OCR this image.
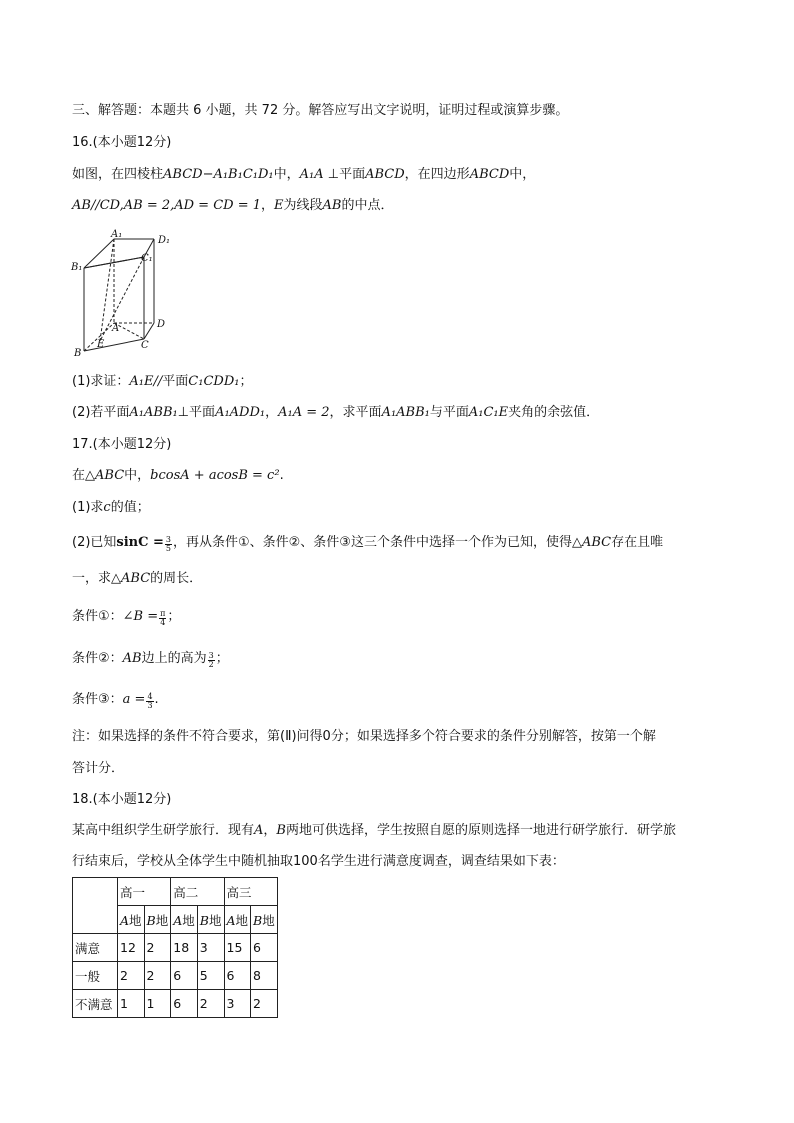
三、解答题：本题共 6 小题，共 72 分。解答应写出文字说明，证明过程或演算步骤。
16.(本小题12分)
如图，在四棱柱ABCD−A₁B₁C₁D₁中，A₁A ⊥平面ABCD，在四边形ABCD中，
AB//CD,AB = 2,AD = CD = 1，E为线段AB的中点．
A₁
D₁
B₁
C₁
A	D
B
E	C
(1)求证：A₁E//平面C₁CDD₁；
(2)若平面A₁ABB₁⊥平面A₁ADD₁，A₁A = 2，求平面A₁ABB₁与平面A₁C₁E夹角的余弦值．
17.(本小题12分)
在△ABC中，bcosA + acosB = c².
(1)求c的值；
(2)已知$\sin C = \frac{3}{5}$ ，再从条件①、条件②、条件③这三个条件中选择一个作为已知，使得△ABC存在且唯
一，求△ABC的周长．
条件①：∠B = $\frac{\pi}{4}$ ；
条件②：AB边上的高为 $\frac{3}{2}$ ；
条件③：$a = \frac{4}{3}$ .
注：如果选择的条件不符合要求，第(Ⅱ)问得0分；如果选择多个符合要求的条件分别解答，按第一个解
答计分．
18.(本小题12分)
某高中组织学生研学旅行．现有A，B两地可供选择，学生按照自愿的原则选择一地进行研学旅行．研学旅
行结束后，学校从全体学生中随机抽取100名学生进行满意度调查，调查结果如下表：
	高一		高二		高三	
	A地	B地	A地	B地	A地	B地
满意	12	2	18	3	15	6
一般	2	2	6	5	6	8
不满意	1	1	6	2	3	2
